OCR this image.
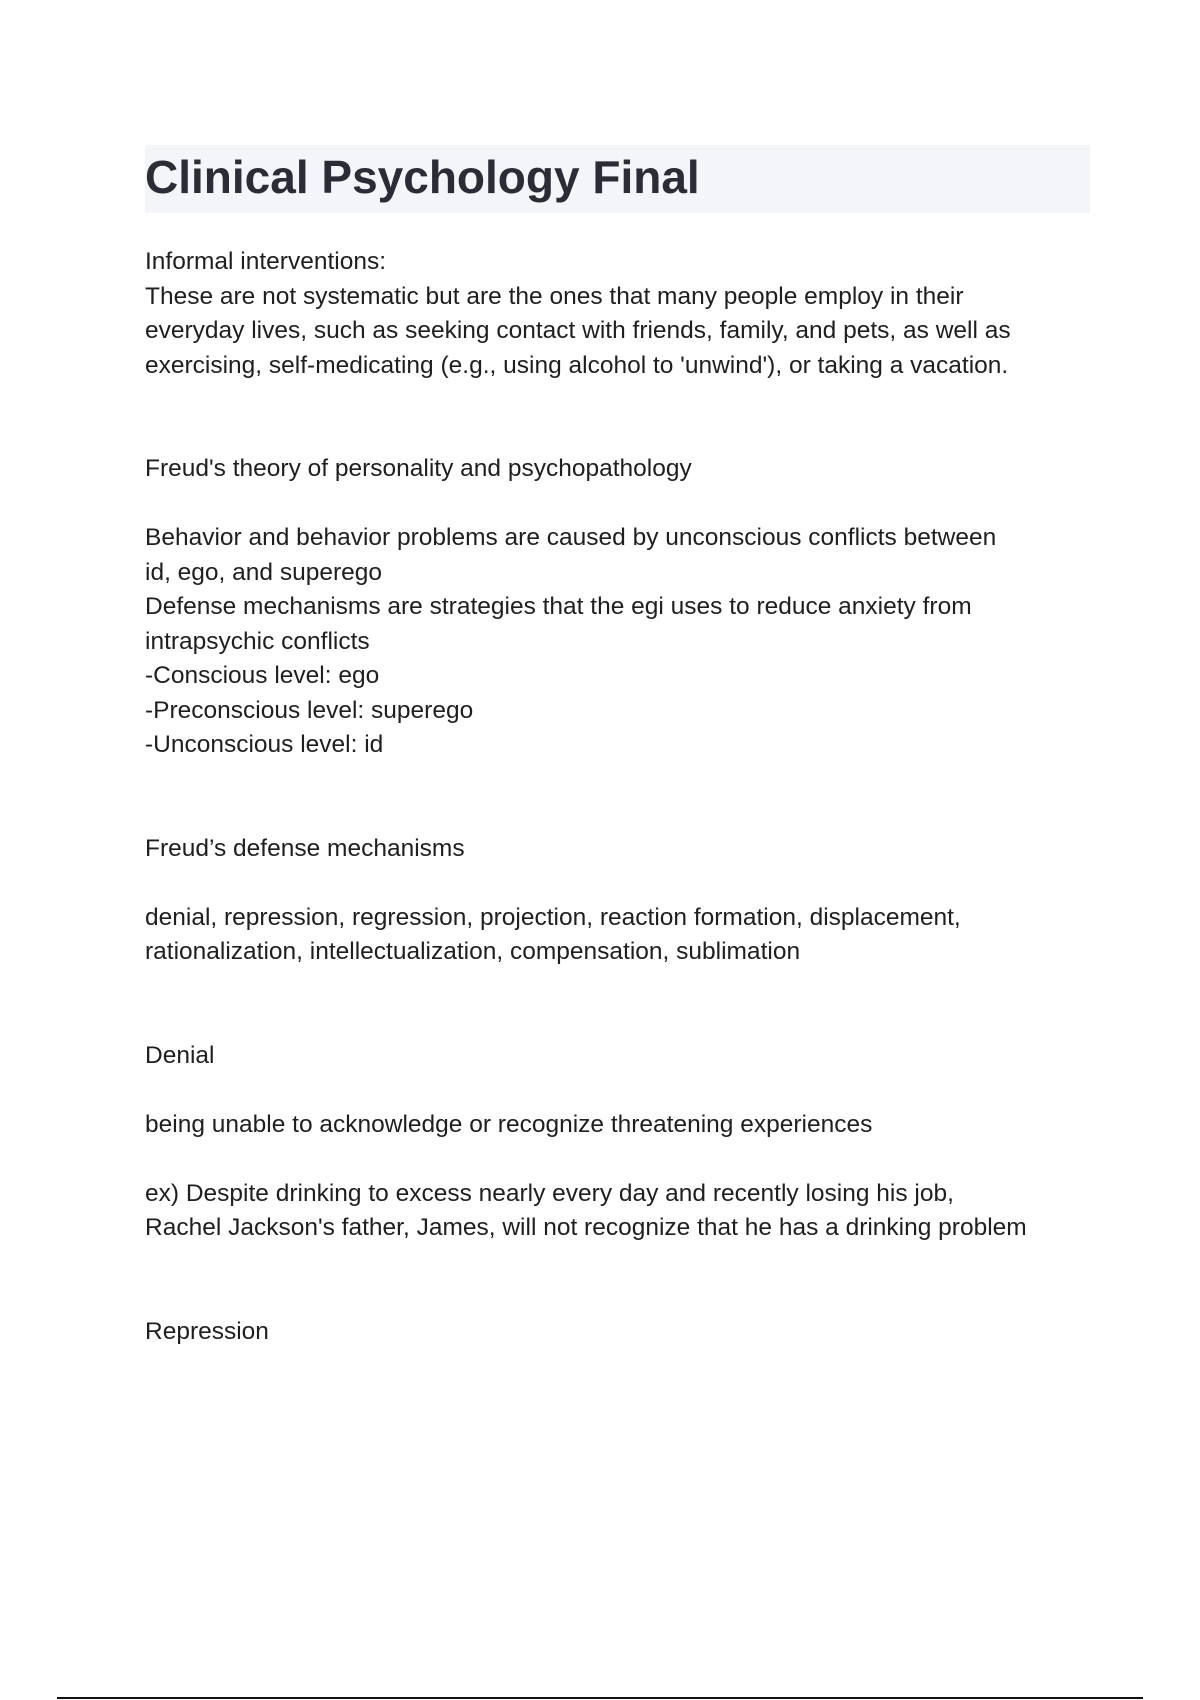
Clinical Psychology Final

Informal interventions:

These are not systematic but are the ones that many people employ in their

everyday lives, such as seeking contact with friends, family, and pets, as well as

exercising, self-medicating (e.g., using alcohol to 'unwind'), or taking a vacation.

Freud's theory of personality and psychopathology

Behavior and behavior problems are caused by unconscious conflicts between

id, ego, and superego

Defense mechanisms are strategies that the egi uses to reduce anxiety from

intrapsychic conflicts

-Conscious level: ego

-Preconscious level: superego

-Unconscious level: id

Freud’s defense mechanisms

denial, repression, regression, projection, reaction formation, displacement,

rationalization, intellectualization, compensation, sublimation

Denial

being unable to acknowledge or recognize threatening experiences

ex) Despite drinking to excess nearly every day and recently losing his job,

Rachel Jackson's father, James, will not recognize that he has a drinking problem

Repression
